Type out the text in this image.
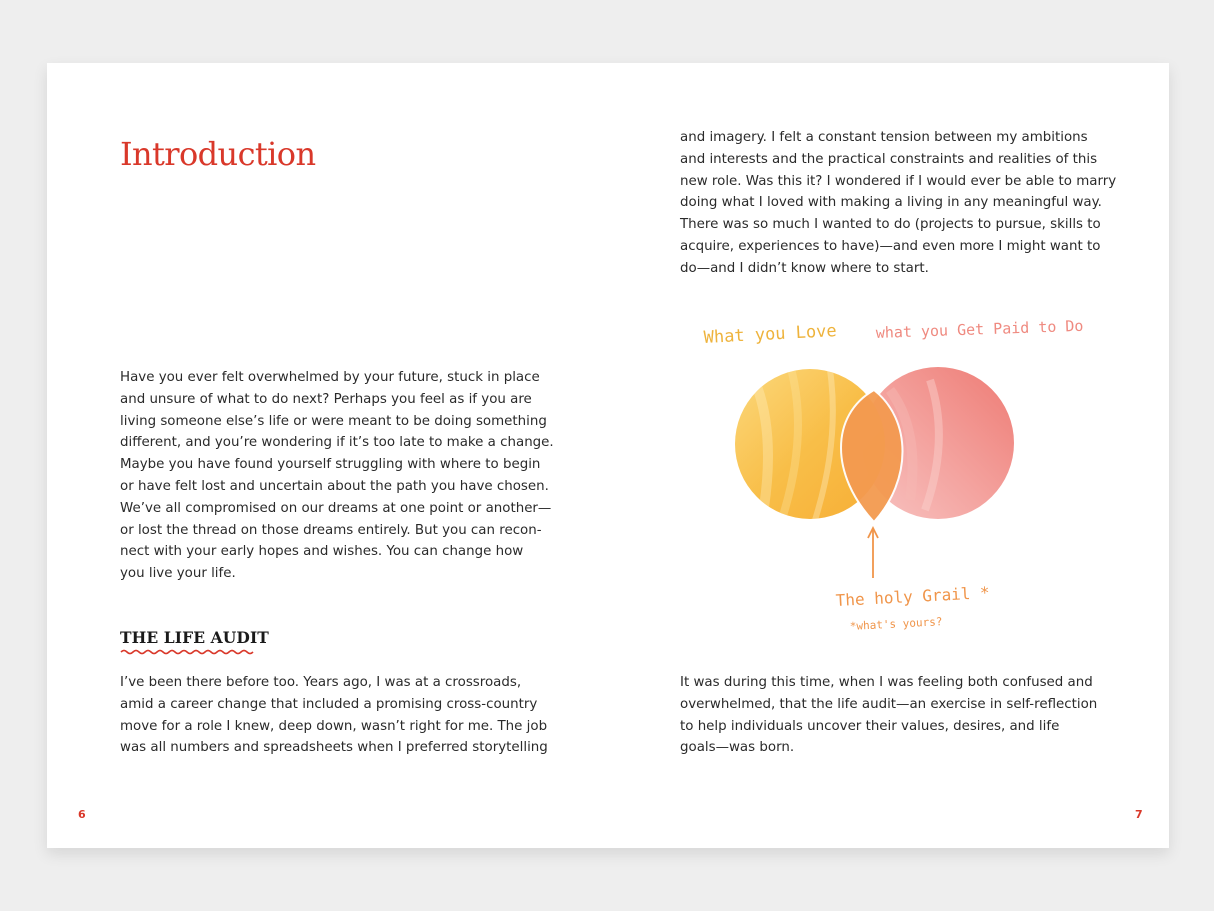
Introduction
Have you ever felt overwhelmed by your future, stuck in place
and unsure of what to do next? Perhaps you feel as if you are
living someone else’s life or were meant to be doing something
different, and you’re wondering if it’s too late to make a change.
Maybe you have found yourself struggling with where to begin
or have felt lost and uncertain about the path you have chosen.
We’ve all compromised on our dreams at one point or another—
or lost the thread on those dreams entirely. But you can recon-
nect with your early hopes and wishes. You can change how
you live your life.
THE LIFE AUDIT
I’ve been there before too. Years ago, I was at a crossroads,
amid a career change that included a promising cross-country
move for a role I knew, deep down, wasn’t right for me. The job
was all numbers and spreadsheets when I preferred storytelling
6
and imagery. I felt a constant tension between my ambitions
and interests and the practical constraints and realities of this
new role. Was this it? I wondered if I would ever be able to marry
doing what I loved with making a living in any meaningful way.
There was so much I wanted to do (projects to pursue, skills to
acquire, experiences to have)—and even more I might want to
do—and I didn’t know where to start.
What you Love	what you Get Paid to Do
The holy Grail *
*what's yours?
It was during this time, when I was feeling both confused and
overwhelmed, that the life audit—an exercise in self-reflection
to help individuals uncover their values, desires, and life
goals—was born.
7
